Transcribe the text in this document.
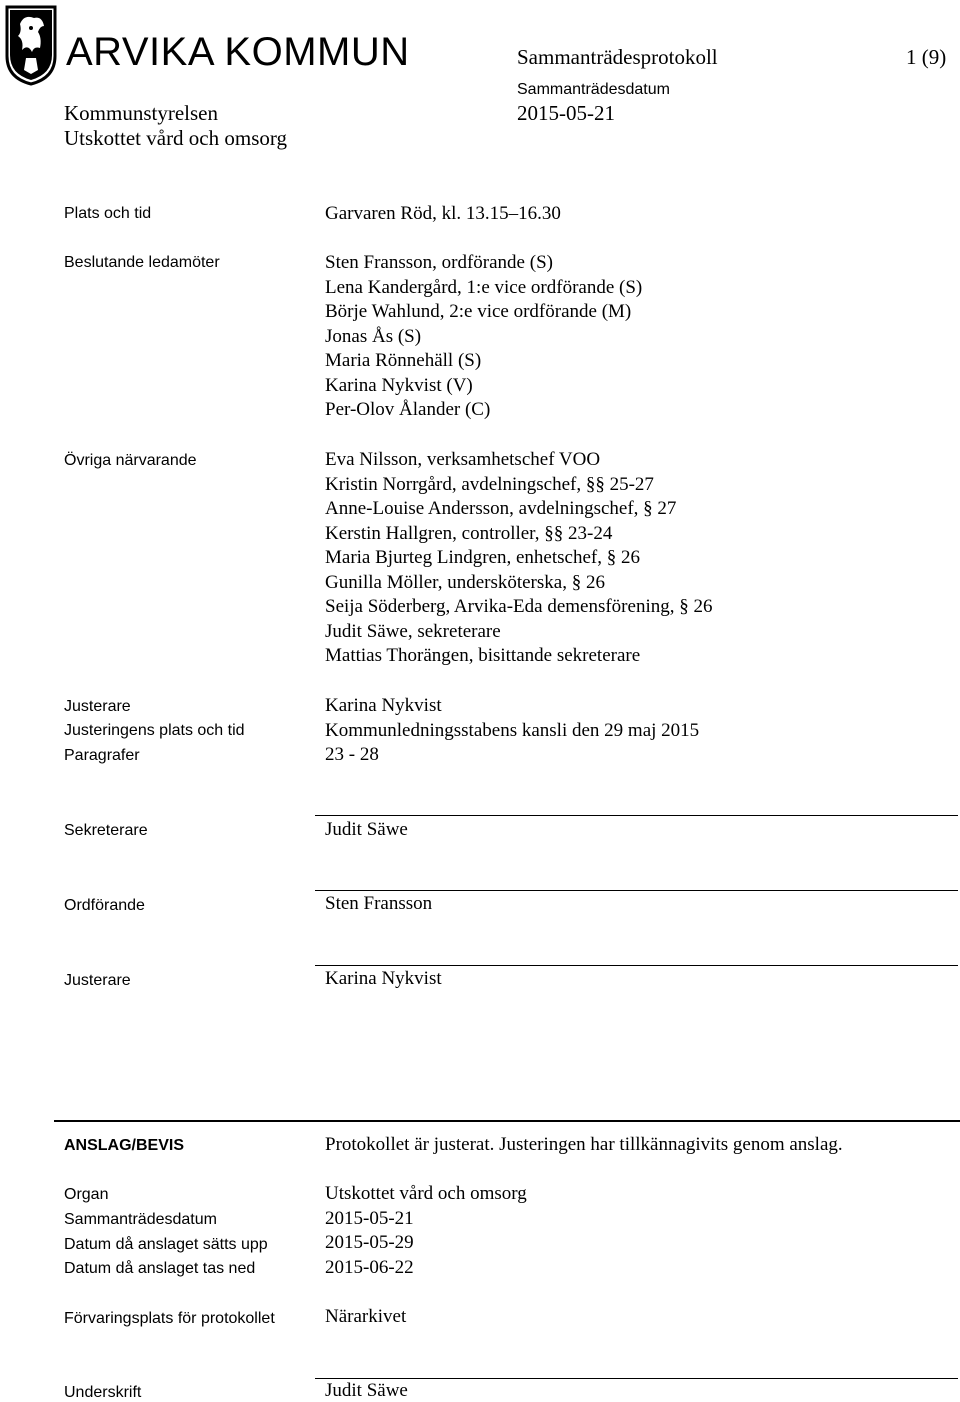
ARVIKA KOMMUN	Sammanträdesprotokoll	1 (9)
Sammanträdesdatum
Kommunstyrelsen	2015-05-21
Utskottet vård och omsorg
Plats och tid	Garvaren Röd, kl. 13.15–16.30
Beslutande ledamöter	Sten Fransson, ordförande (S)
Lena Kandergård, 1:e vice ordförande (S)
Börje Wahlund, 2:e vice ordförande (M)
Jonas Ås (S)
Maria Rönnehäll (S)
Karina Nykvist (V)
Per-Olov Ålander (C)
Övriga närvarande	Eva Nilsson, verksamhetschef VOO
Kristin Norrgård, avdelningschef, §§ 25-27
Anne-Louise Andersson, avdelningschef, § 27
Kerstin Hallgren, controller, §§ 23-24
Maria Bjurteg Lindgren, enhetschef, § 26
Gunilla Möller, undersköterska, § 26
Seija Söderberg, Arvika-Eda demensförening, § 26
Judit Säwe, sekreterare
Mattias Thorängen, bisittande sekreterare
Justerare	Karina Nykvist
Justeringens plats och tid	Kommunledningsstabens kansli den 29 maj 2015
Paragrafer	23 - 28
Sekreterare	Judit Säwe
Ordförande	Sten Fransson
Justerare	Karina Nykvist
ANSLAG/BEVIS	Protokollet är justerat. Justeringen har tillkännagivits genom anslag.
Organ	Utskottet vård och omsorg
Sammanträdesdatum	2015-05-21
Datum då anslaget sätts upp	2015-05-29
Datum då anslaget tas ned	2015-06-22
Förvaringsplats för protokollet	Närarkivet
Underskrift	Judit Säwe
